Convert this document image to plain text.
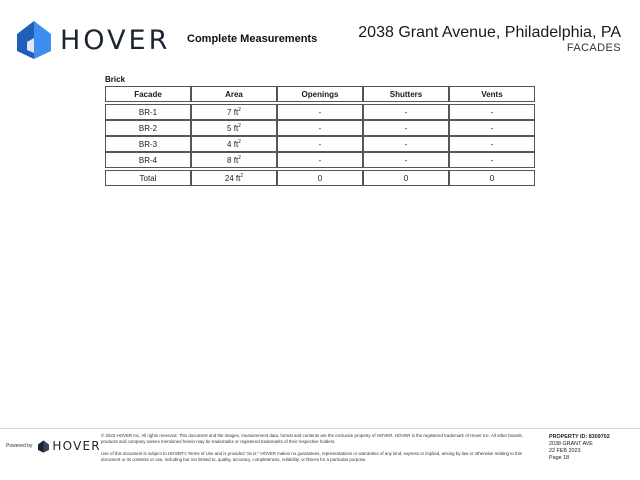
HOVER Complete Measurements	2038 Grant Avenue, Philadelphia, PA
FACADES
Brick
Facade	Area	Openings	Shutters	Vents

BR-1	7 $ft^2$	-	-	-
BR-2	5 $ft^2$	-	-	-
BR-3	4 $ft^2$	-	-	-
BR-4	8 $ft^2$	-	-	-

Total	24 $ft^2$	0	0	0
Powered by HOVER

© 2023 HOVER Inc. All rights reserved. This document and the images, measurement data, format and contents are the exclusive property of HOVER. HOVER is the registered trademark of Hover Inc. All other brands, products and company names mentioned herein may be trademarks or registered trademarks of their respective holders.

Use of this document is subject to HOVER's Terms of Use and is provided "as is." HOVER makes no guarantees, representations or warranties of any kind, express or implied, arising by law or otherwise relating to this document or its contents or use, including but not limited to, quality, accuracy, completeness, reliability, or fitness for a particular purpose.

PROPERTY ID: 8309702
2038 GRANT AVE
22 FEB 2023
Page 18
